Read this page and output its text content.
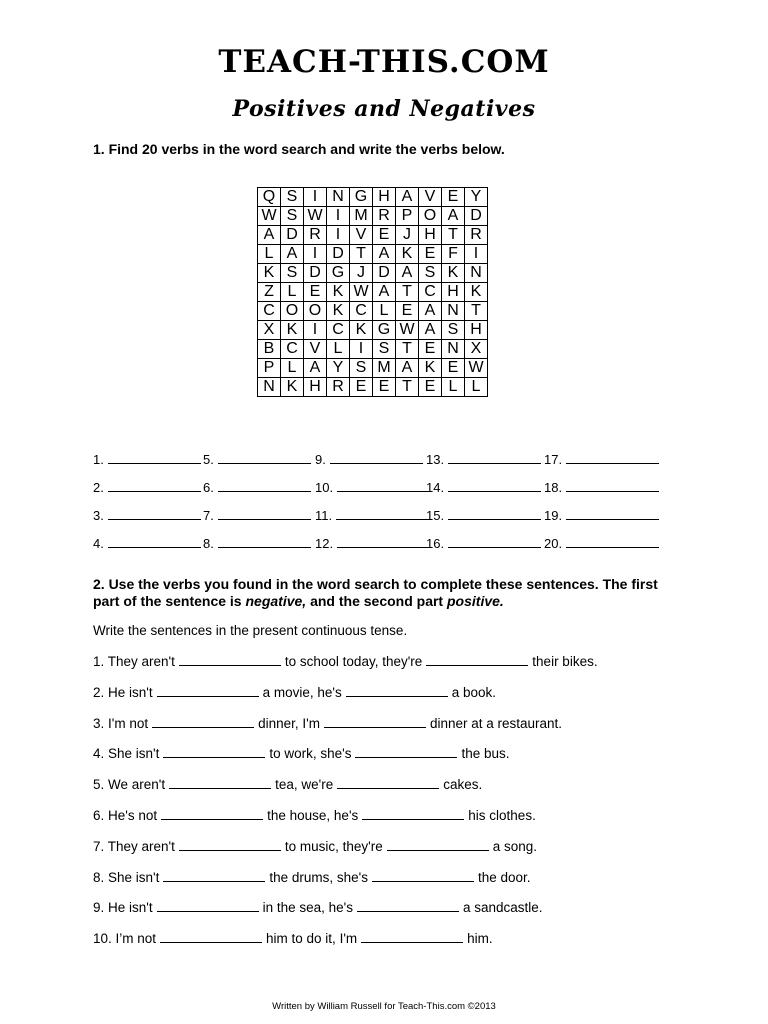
TEACH-THIS.COM
Positives and Negatives
1. Find 20 verbs in the word search and write the verbs below.
Q	S	I	N	G	H	A	V	E	Y
W	S	W	I	M	R	P	O	A	D
A	D	R	I	V	E	J	H	T	R
L	A	I	D	T	A	K	E	F	I
K	S	D	G	J	D	A	S	K	N
Z	L	E	K	W	A	T	C	H	K
C	O	O	K	C	L	E	A	N	T
X	K	I	C	K	G	W	A	S	H
B	C	V	L	I	S	T	E	N	X
P	L	A	Y	S	M	A	K	E	W
N	K	H	R	E	E	T	E	L	L
1.	5.	9.	13.	17.
2.	6.	10.	14.	18.
3.	7.	11.	15.	19.
4.	8.	12.	16.	20.
2. Use the verbs you found in the word search to complete these sentences. The first
part of the sentence is negative, and the second part positive.
Write the sentences in the present continuous tense.
1. They aren't	to school today, they're	their bikes.
2. He isn't	a movie, he's	a book.
3. I'm not	dinner, I'm	dinner at a restaurant.
4. She isn't	to work, she's	the bus.
5. We aren't	tea, we're	cakes.
6. He's not	the house, he's	his clothes.
7. They aren't	to music, they're	a song.
8. She isn't	the drums, she's	the door.
9. He isn't	in the sea, he's	a sandcastle.
10. I’m not	him to do it, I'm	him.
Written by William Russell for Teach-This.com ©2013
